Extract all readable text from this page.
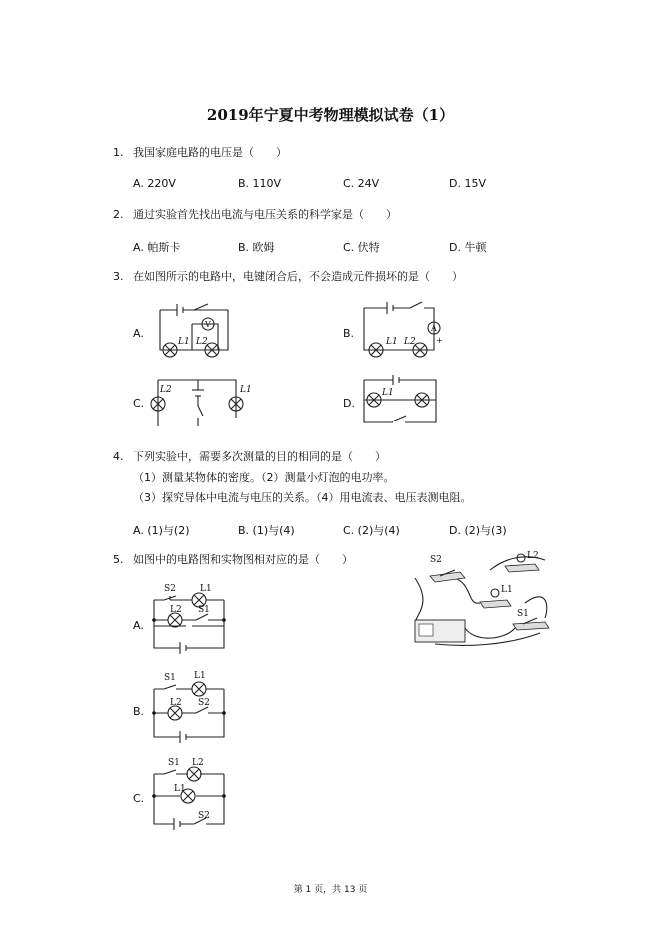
2019年宁夏中考物理模拟试卷（1）
1. 我国家庭电路的电压是（　　）
A. 220V	B. 110V	C. 24V	D. 15V
2. 通过实验首先找出电流与电压关系的科学家是（　　）
A. 帕斯卡	B. 欧姆	C. 伏特	D. 牛顿
3. 在如图所示的电路中，电键闭合后，不会造成元件损坏的是（　　）
A.	B.
C.	D.
V
L1 L2
A
+
L1 L2
L2	L1	L1
4. 下列实验中，需要多次测量的目的相同的是（　　）
（1）测量某物体的密度。（2）测量小灯泡的电功率。
（3）探究导体中电流与电压的关系。（4）用电流表、电压表测电阻。
A. (1)与(2)	B. (1)与(4)	C. (2)与(4)	D. (2)与(3)
5. 如图中的电路图和实物图相对应的是（　　）
A.
B.
C.
S2	L2
L1
S1
S2	L1
L2 S1
S1 L1
L2 S2
S1 L2
L1
S2
第 1 页，共 13 页
